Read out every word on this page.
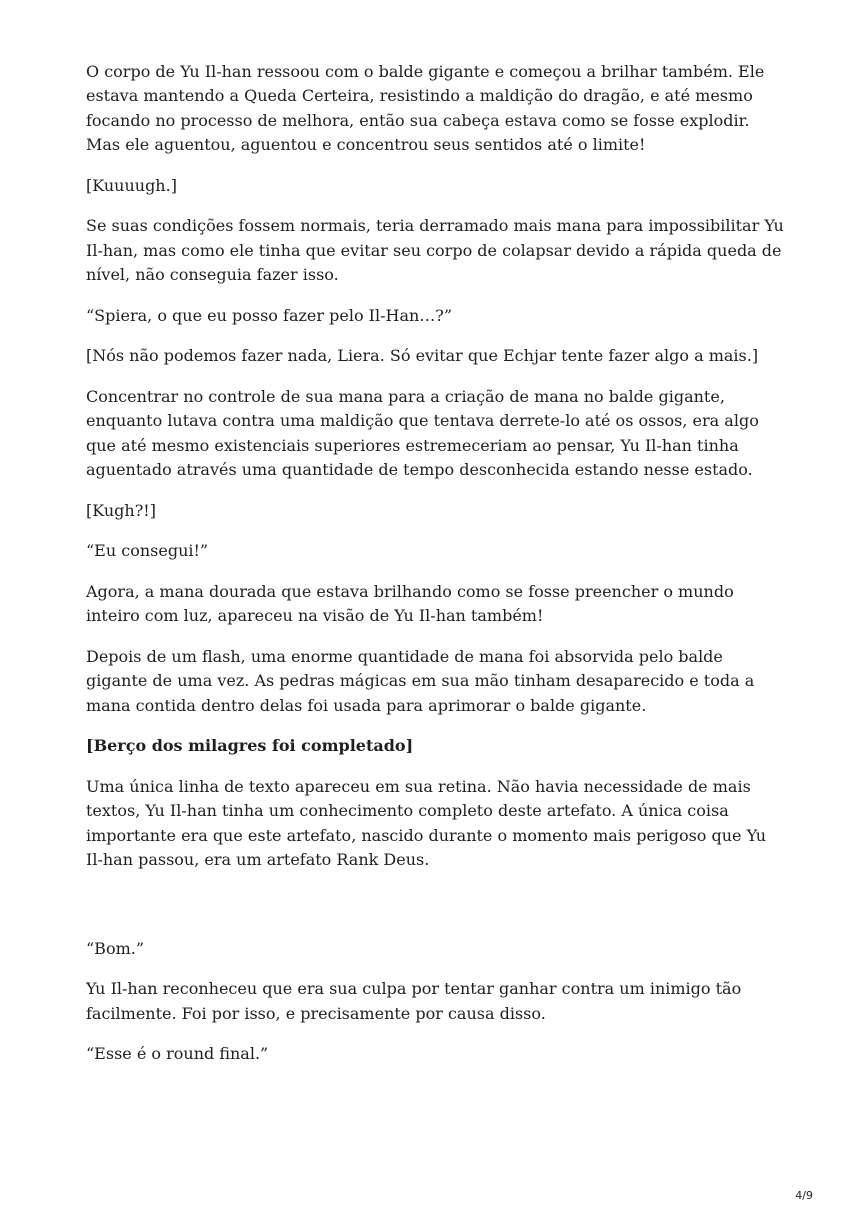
O corpo de Yu Il-han ressoou com o balde gigante e começou a brilhar também. Ele estava mantendo a Queda Certeira, resistindo a maldição do dragão, e até mesmo focando no processo de melhora, então sua cabeça estava como se fosse explodir. Mas ele aguentou, aguentou e concentrou seus sentidos até o limite!

[Kuuuugh.]

Se suas condições fossem normais, teria derramado mais mana para impossibilitar Yu Il-han, mas como ele tinha que evitar seu corpo de colapsar devido a rápida queda de nível, não conseguia fazer isso.

“Spiera, o que eu posso fazer pelo Il-Han…?”

[Nós não podemos fazer nada, Liera. Só evitar que Echjar tente fazer algo a mais.]

Concentrar no controle de sua mana para a criação de mana no balde gigante, enquanto lutava contra uma maldição que tentava derrete-lo até os ossos, era algo que até mesmo existenciais superiores estremeceriam ao pensar, Yu Il-han tinha aguentado através uma quantidade de tempo desconhecida estando nesse estado.

[Kugh?!]

“Eu consegui!”

Agora, a mana dourada que estava brilhando como se fosse preencher o mundo inteiro com luz, apareceu na visão de Yu Il-han também!

Depois de um flash, uma enorme quantidade de mana foi absorvida pelo balde gigante de uma vez. As pedras mágicas em sua mão tinham desaparecido e toda a mana contida dentro delas foi usada para aprimorar o balde gigante.

[Berço dos milagres foi completado]

Uma única linha de texto apareceu em sua retina. Não havia necessidade de mais textos, Yu Il-han tinha um conhecimento completo deste artefato. A única coisa importante era que este artefato, nascido durante o momento mais perigoso que Yu Il-han passou, era um artefato Rank Deus.

“Bom.”

Yu Il-han reconheceu que era sua culpa por tentar ganhar contra um inimigo tão facilmente. Foi por isso, e precisamente por causa disso.

“Esse é o round final.”

4/9
